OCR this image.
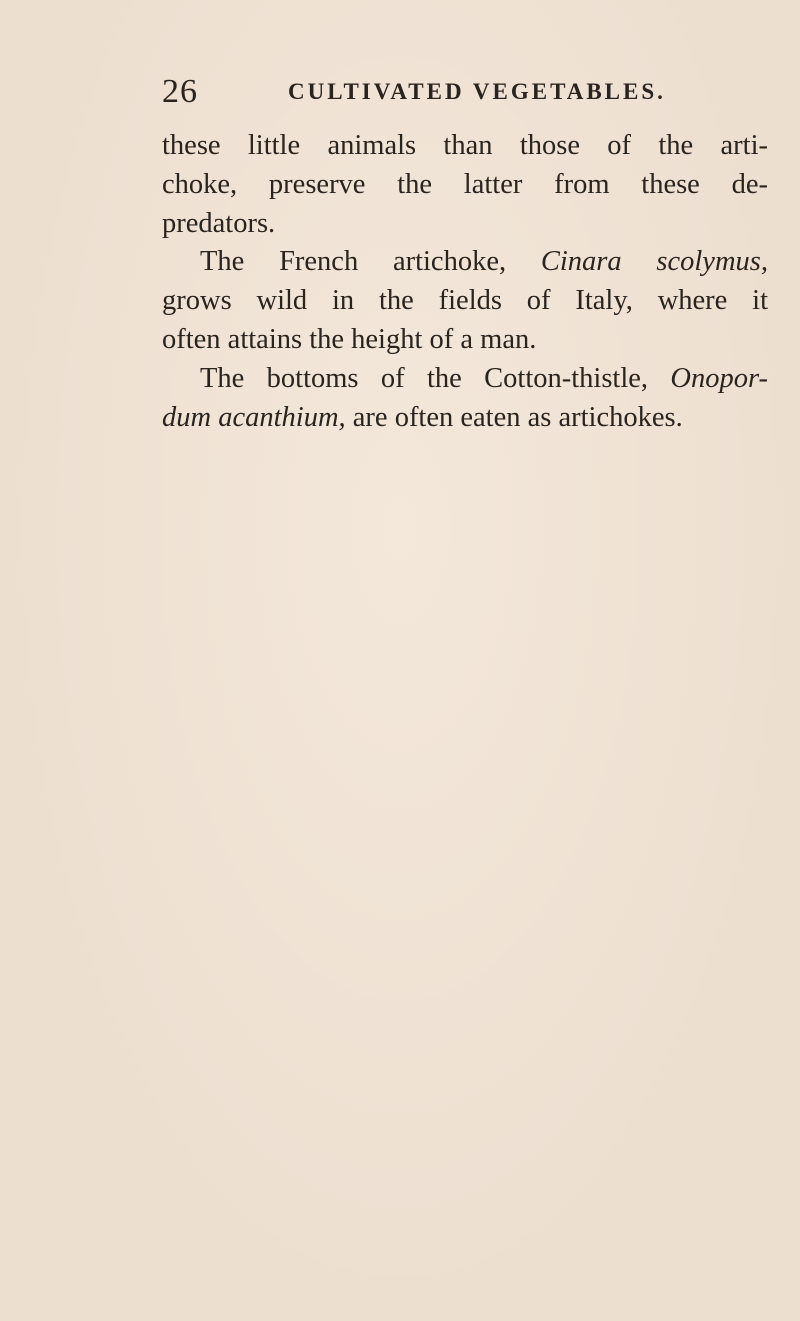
26	CULTIVATED VEGETABLES.
these little animals than those of the arti-
choke, preserve the latter from these de-
predators.
The French artichoke, Cinara scolymus,
grows wild in the fields of Italy, where it
often attains the height of a man.
The bottoms of the Cotton-thistle, Onopor-
dum acanthium, are often eaten as artichokes.
